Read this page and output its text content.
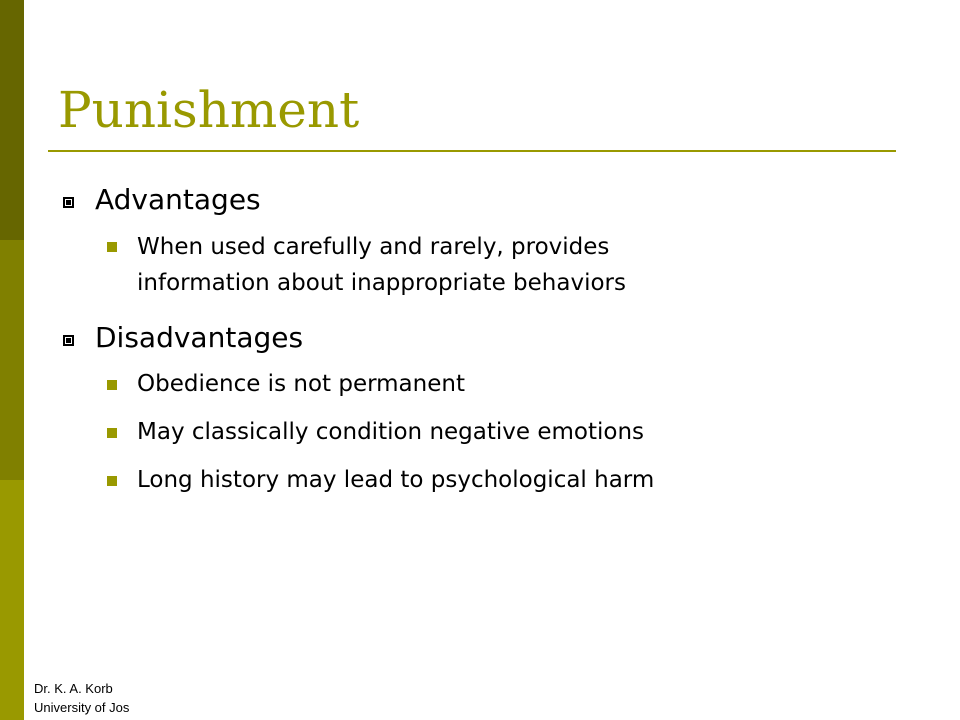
Punishment
Advantages
When used carefully and rarely, provides
information about inappropriate behaviors
Disadvantages
Obedience is not permanent
May classically condition negative emotions
Long history may lead to psychological harm
Dr. K. A. Korb
University of Jos
